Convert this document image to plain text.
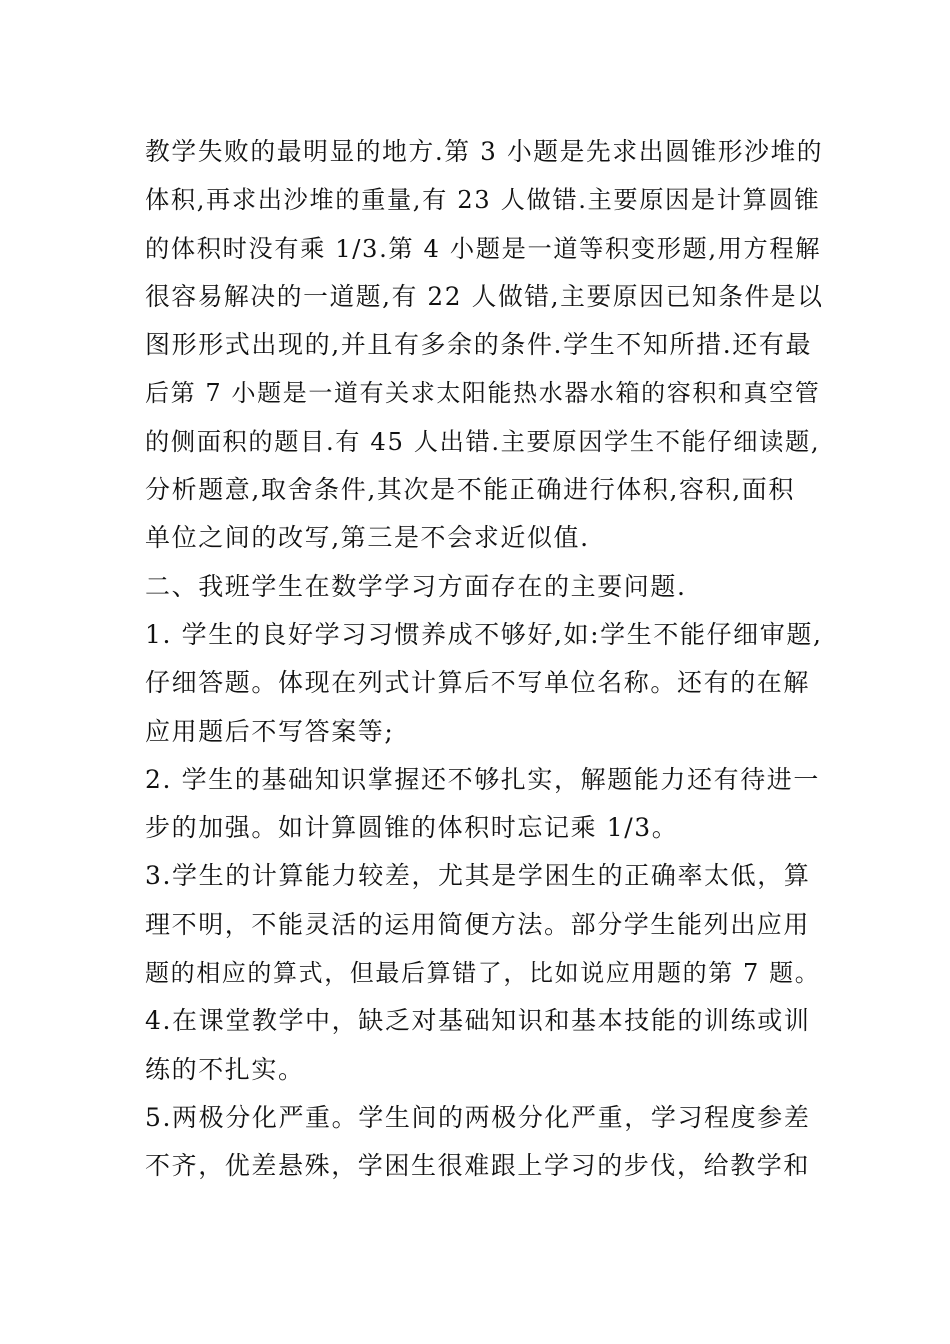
教学失败的最明显的地方.第 3 小题是先求出圆锥形沙堆的
体积,再求出沙堆的重量,有 23 人做错.主要原因是计算圆锥
的体积时没有乘 1/3.第 4 小题是一道等积变形题,用方程解
很容易解决的一道题,有 22 人做错,主要原因已知条件是以
图形形式出现的,并且有多余的条件.学生不知所措.还有最
后第 7 小题是一道有关求太阳能热水器水箱的容积和真空管
的侧面积的题目.有 45 人出错.主要原因学生不能仔细读题,
分析题意,取舍条件,其次是不能正确进行体积,容积,面积
单位之间的改写,第三是不会求近似值.
二、我班学生在数学学习方面存在的主要问题.
1. 学生的良好学习习惯养成不够好,如:学生不能仔细审题,
仔细答题。体现在列式计算后不写单位名称。还有的在解
应用题后不写答案等;
2. 学生的基础知识掌握还不够扎实，解题能力还有待进一
步的加强。如计算圆锥的体积时忘记乘 1/3。
3.学生的计算能力较差，尤其是学困生的正确率太低，算
理不明，不能灵活的运用简便方法。部分学生能列出应用
题的相应的算式，但最后算错了，比如说应用题的第 7 题。
4.在课堂教学中，缺乏对基础知识和基本技能的训练或训
练的不扎实。
5.两极分化严重。学生间的两极分化严重，学习程度参差
不齐，优差悬殊，学困生很难跟上学习的步伐，给教学和
